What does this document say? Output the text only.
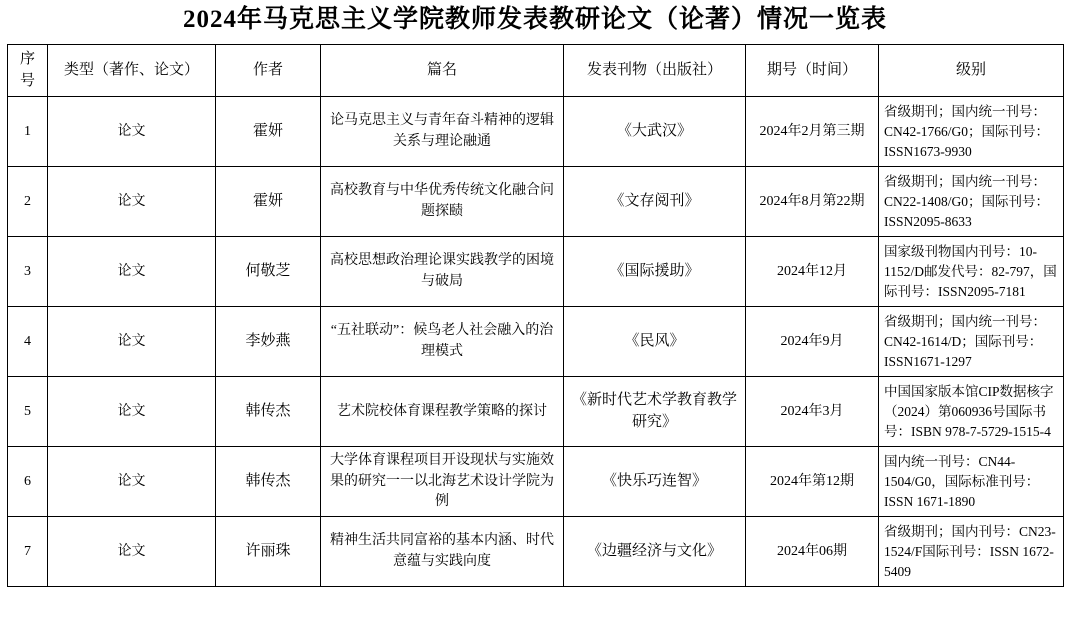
2024年马克思主义学院教师发表教研论文（论著）情况一览表
序号	类型（著作、论文）	作者	篇名	发表刊物（出版社）	期号（时间）	级别
1	论文	霍妍	论马克思主义与青年奋斗精神的逻辑关系与理论融通	《大武汉》	2024年2月第三期	省级期刊；国内统一刊号：CN42-1766/G0；国际刊号：ISSN1673-9930
2	论文	霍妍	高校教育与中华优秀传统文化融合问题探赜	《文存阅刊》	2024年8月第22期	省级期刊；国内统一刊号：CN22-1408/G0；国际刊号：ISSN2095-8633
3	论文	何敬芝	高校思想政治理论课实践教学的困境与破局	《国际援助》	2024年12月	国家级刊物国内刊号：10-1152/D邮发代号：82-797，国际刊号：ISSN2095-7181
4	论文	李妙燕	“五社联动”：候鸟老人社会融入的治理模式	《民风》	2024年9月	省级期刊；国内统一刊号：CN42-1614/D；国际刊号：ISSN1671-1297
5	论文	韩传杰	艺术院校体育课程教学策略的探讨	《新时代艺术学教育教学研究》	2024年3月	中国国家版本馆CIP数据核字（2024）第060936号国际书号：ISBN 978-7-5729-1515-4
6	论文	韩传杰	大学体育课程项目开设现状与实施效果的研究一一以北海艺术设计学院为例	《快乐巧连智》	2024年第12期	国内统一刊号：CN44-1504/G0，国际标准刊号：ISSN 1671-1890
7	论文	许丽珠	精神生活共同富裕的基本内涵、时代意蕴与实践向度	《边疆经济与文化》	2024年06期	省级期刊；国内刊号：CN23-1524/F国际刊号：ISSN 1672-5409
